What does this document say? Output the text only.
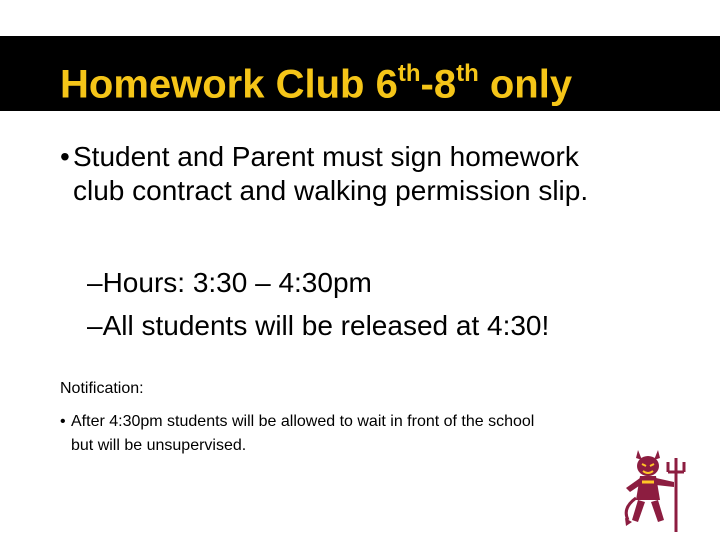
Homework Club 6th-8th only
• Student and Parent must sign homework
club contract and walking permission slip.
–Hours: 3:30 – 4:30pm
–All students will be released at 4:30!
Notification:
• After 4:30pm students will be allowed to wait in front of the school
but will be unsupervised.
